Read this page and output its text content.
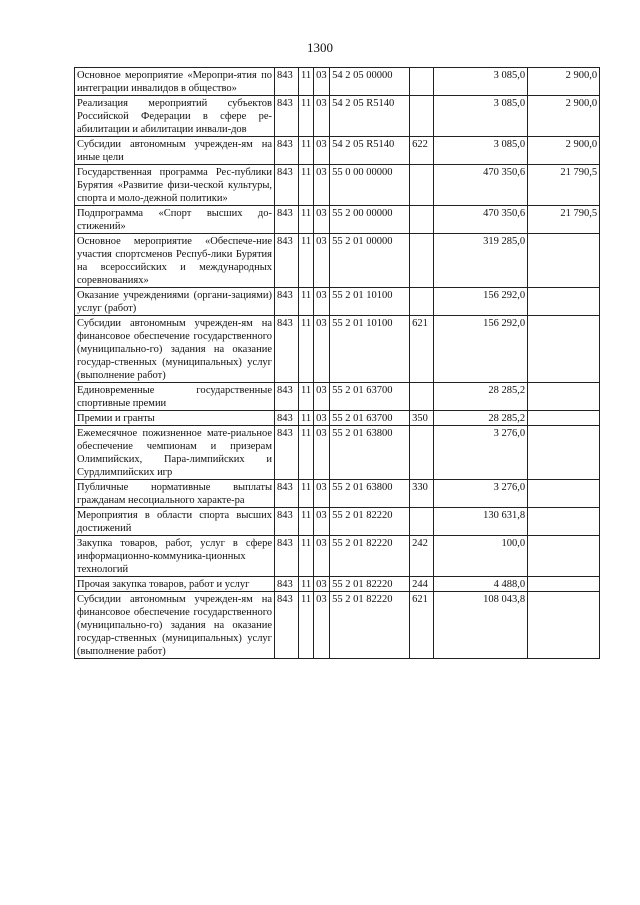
1300
Основное мероприятие «Меропри-ятия по интеграции инвалидов в общество»	843	11	03	54 2 05 00000		3 085,0	2 900,0
Реализация мероприятий субъектов Российской Федерации в сфере ре-абилитации и абилитации инвали-дов	843	11	03	54 2 05 R5140		3 085,0	2 900,0
Субсидии автономным учрежден-ям на иные цели	843	11	03	54 2 05 R5140	622	3 085,0	2 900,0
Государственная программа Рес-публики Бурятия «Развитие физи-ческой культуры, спорта и моло-дежной политики»	843	11	03	55 0 00 00000		470 350,6	21 790,5
Подпрограмма «Спорт высших до-стижений»	843	11	03	55 2 00 00000		470 350,6	21 790,5
Основное мероприятие «Обеспече-ние участия спортсменов Респуб-лики Бурятия на всероссийских и международных соревнованиях»	843	11	03	55 2 01 00000		319 285,0	
Оказание учреждениями (органи-зациями) услуг (работ)	843	11	03	55 2 01 10100		156 292,0	
Субсидии автономным учрежден-ям на финансовое обеспечение государственного (муниципально-го) задания на оказание государ-ственных (муниципальных) услуг (выполнение работ)	843	11	03	55 2 01 10100	621	156 292,0	
Единовременные государственные спортивные премии	843	11	03	55 2 01 63700		28 285,2	
Премии и гранты	843	11	03	55 2 01 63700	350	28 285,2	
Ежемесячное пожизненное мате-риальное обеспечение чемпионам и призерам Олимпийских, Пара-лимпийских и Сурдлимпийских игр	843	11	03	55 2 01 63800		3 276,0	
Публичные нормативные выплаты гражданам несоциального характе-ра	843	11	03	55 2 01 63800	330	3 276,0	
Мероприятия в области спорта высших достижений	843	11	03	55 2 01 82220		130 631,8	
Закупка товаров, работ, услуг в сфере информационно-коммуника-ционных технологий	843	11	03	55 2 01 82220	242	100,0	
Прочая закупка товаров, работ и услуг	843	11	03	55 2 01 82220	244	4 488,0	
Субсидии автономным учрежден-ям на финансовое обеспечение государственного (муниципально-го) задания на оказание государ-ственных (муниципальных) услуг (выполнение работ)	843	11	03	55 2 01 82220	621	108 043,8	
